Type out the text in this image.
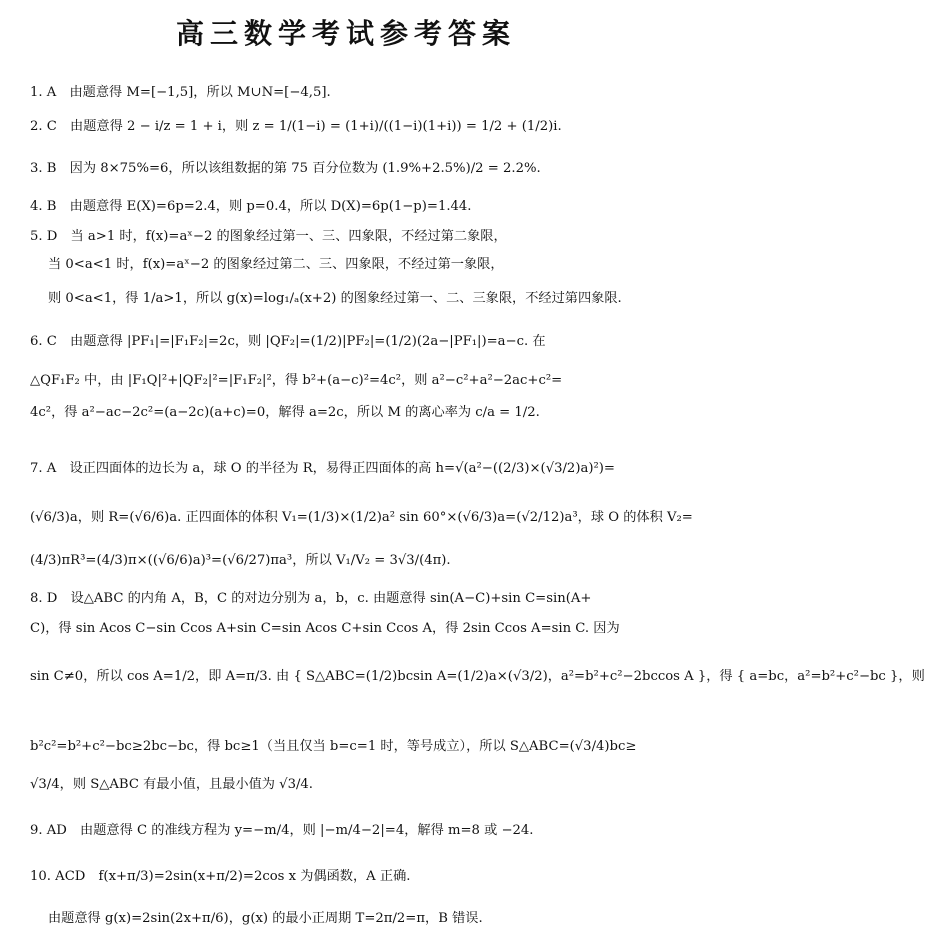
高三数学考试参考答案
1. A　由题意得 M=[−1,5]，所以 M∪N=[−4,5].
2. C　由题意得 2 − i/z = 1 + i，则 z = 1/(1−i) = (1+i)/((1−i)(1+i)) = 1/2 + (1/2)i.
3. B　因为 8×75%=6，所以该组数据的第 75 百分位数为 (1.9%+2.5%)/2 = 2.2%.
4. B　由题意得 E(X)=6p=2.4，则 p=0.4，所以 D(X)=6p(1−p)=1.44.
5. D　当 a>1 时，f(x)=aˣ−2 的图象经过第一、三、四象限，不经过第二象限，
当 0<a<1 时，f(x)=aˣ−2 的图象经过第二、三、四象限，不经过第一象限，
则 0<a<1，得 1/a>1，所以 g(x)=log₁/ₐ(x+2) 的图象经过第一、二、三象限，不经过第四象限.
6. C　由题意得 |PF₁|=|F₁F₂|=2c，则 |QF₂|=(1/2)|PF₂|=(1/2)(2a−|PF₁|)=a−c. 在
△QF₁F₂ 中，由 |F₁Q|²+|QF₂|²=|F₁F₂|²，得 b²+(a−c)²=4c²，则 a²−c²+a²−2ac+c²=
4c²，得 a²−ac−2c²=(a−2c)(a+c)=0，解得 a=2c，所以 M 的离心率为 c/a = 1/2.
7. A　设正四面体的边长为 a，球 O 的半径为 R，易得正四面体的高 h=√(a²−((2/3)×(√3/2)a)²)=
(√6/3)a，则 R=(√6/6)a. 正四面体的体积 V₁=(1/3)×(1/2)a² sin 60°×(√6/3)a=(√2/12)a³，球 O 的体积 V₂=
(4/3)πR³=(4/3)π×((√6/6)a)³=(√6/27)πa³，所以 V₁/V₂ = 3√3/(4π).
8. D　设△ABC 的内角 A，B，C 的对边分别为 a，b，c. 由题意得 sin(A−C)+sin C=sin(A+
C)，得 sin Acos C−sin Ccos A+sin C=sin Acos C+sin Ccos A，得 2sin Ccos A=sin C. 因为
sin C≠0，所以 cos A=1/2，即 A=π/3. 由 { S△ABC=(1/2)bcsin A=(1/2)a×(√3/2)，a²=b²+c²−2bccos A }，得 { a=bc，a²=b²+c²−bc }，则
b²c²=b²+c²−bc≥2bc−bc，得 bc≥1（当且仅当 b=c=1 时，等号成立），所以 S△ABC=(√3/4)bc≥
√3/4，则 S△ABC 有最小值，且最小值为 √3/4.
9. AD　由题意得 C 的准线方程为 y=−m/4，则 |−m/4−2|=4，解得 m=8 或 −24.
10. ACD　f(x+π/3)=2sin(x+π/2)=2cos x 为偶函数，A 正确.
由题意得 g(x)=2sin(2x+π/6)，g(x) 的最小正周期 T=2π/2=π，B 错误.
